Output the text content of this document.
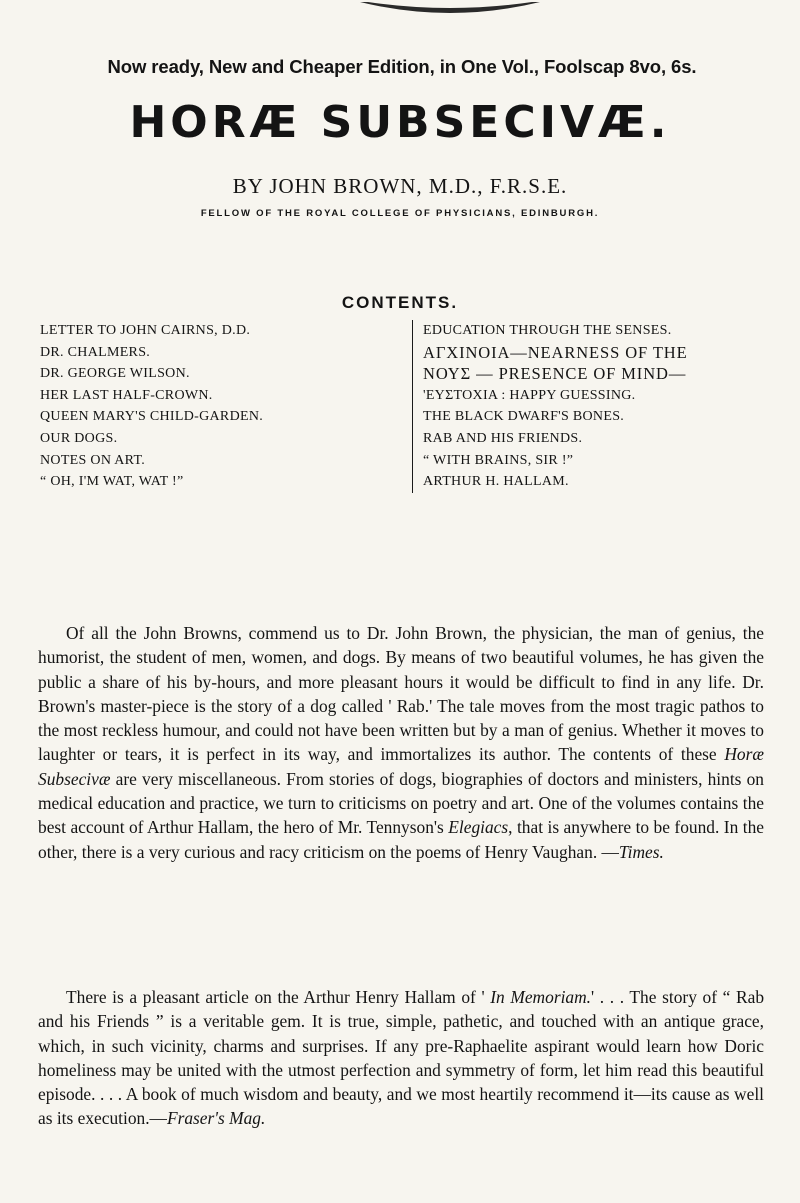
Now ready, New and Cheaper Edition, in One Vol., Foolscap 8vo, 6s.
HORÆ SUBSECIVÆ.
BY JOHN BROWN, M.D., F.R.S.E.
FELLOW OF THE ROYAL COLLEGE OF PHYSICIANS, EDINBURGH.
CONTENTS.
LETTER TO JOHN CAIRNS, D.D.
DR. CHALMERS.
DR. GEORGE WILSON.
HER LAST HALF-CROWN.
QUEEN MARY'S CHILD-GARDEN.
OUR DOGS.
NOTES ON ART.
“ OH, I'M WAT, WAT !”
EDUCATION THROUGH THE SENSES.
ΑΓΧΙΝΟΙΑ—NEARNESS OF THE
ΝΟΥΣ — PRESENCE OF MIND—
'ΕΥΣΤΟΧΙΑ : HAPPY GUESSING.
THE BLACK DWARF'S BONES.
RAB AND HIS FRIENDS.
“ WITH BRAINS, SIR !”
ARTHUR H. HALLAM.

Of all the John Browns, commend us to Dr. John Brown, the physician, the man of genius, the humorist, the student of men, women, and dogs. By means of two beautiful volumes, he has given the public a share of his by-hours, and more pleasant hours it would be difficult to find in any life. Dr. Brown's master-piece is the story of a dog called ' Rab.' The tale moves from the most tragic pathos to the most reckless humour, and could not have been written but by a man of genius. Whether it moves to laughter or tears, it is perfect in its way, and immortalizes its author. The contents of these Horæ Subsecivæ are very miscellaneous. From stories of dogs, biographies of doctors and ministers, hints on medical education and practice, we turn to criticisms on poetry and art. One of the volumes contains the best account of Arthur Hallam, the hero of Mr. Tennyson's Elegiacs, that is anywhere to be found. In the other, there is a very curious and racy criticism on the poems of Henry Vaughan. —Times.

There is a pleasant article on the Arthur Henry Hallam of ' In Memoriam.' . . . The story of “ Rab and his Friends ” is a veritable gem. It is true, simple, pathetic, and touched with an antique grace, which, in such vicinity, charms and surprises. If any pre-Raphaelite aspirant would learn how Doric homeliness may be united with the utmost perfection and symmetry of form, let him read this beautiful episode. . . . A book of much wisdom and beauty, and we most heartily recommend it—its cause as well as its execution.—Fraser's Mag.
